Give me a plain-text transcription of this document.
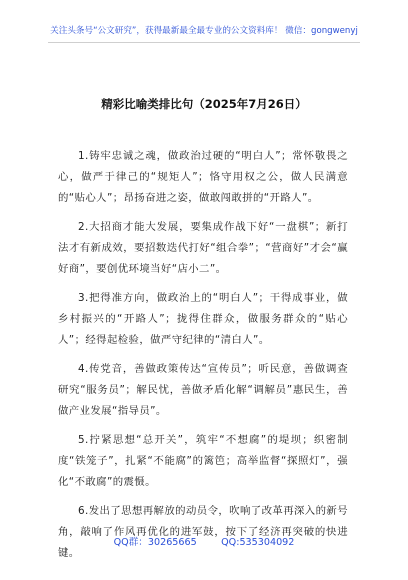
关注头条号“公文研究”，获得最新最全最专业的公文资料库！ 微信：gongwenyj
精彩比喻类排比句（2025年7月26日）

1.铸牢忠诚之魂，做政治过硬的“明白人”；常怀敬畏之心，做严于律己的“规矩人”；恪守用权之公，做人民满意的“贴心人”；昂扬奋进之姿，做敢闯敢拼的“开路人”。

2.大招商才能大发展，要集成作战下好“一盘棋”；新打法才有新成效，要招数迭代打好“组合拳”；“营商好”才会“赢好商”，要创优环境当好“店小二”。

3.把得准方向，做政治上的“明白人”；干得成事业，做乡村振兴的“开路人”；拢得住群众，做服务群众的“贴心人”；经得起检验，做严守纪律的“清白人”。

4.传党音，善做政策传达“宣传员”；听民意，善做调查研究“服务员”；解民忧，善做矛盾化解“调解员”惠民生，善做产业发展“指导员”。

5.拧紧思想“总开关”，筑牢“不想腐”的堤坝；织密制度“铁笼子”，扎紧“不能腐”的篱笆；高举监督“探照灯”，强化“不敢腐”的震慑。

6.发出了思想再解放的动员令，吹响了改革再深入的新号角，敲响了作风再优化的进军鼓，按下了经济再突破的快进键。

QQ群：30265665        QQ:535304092
